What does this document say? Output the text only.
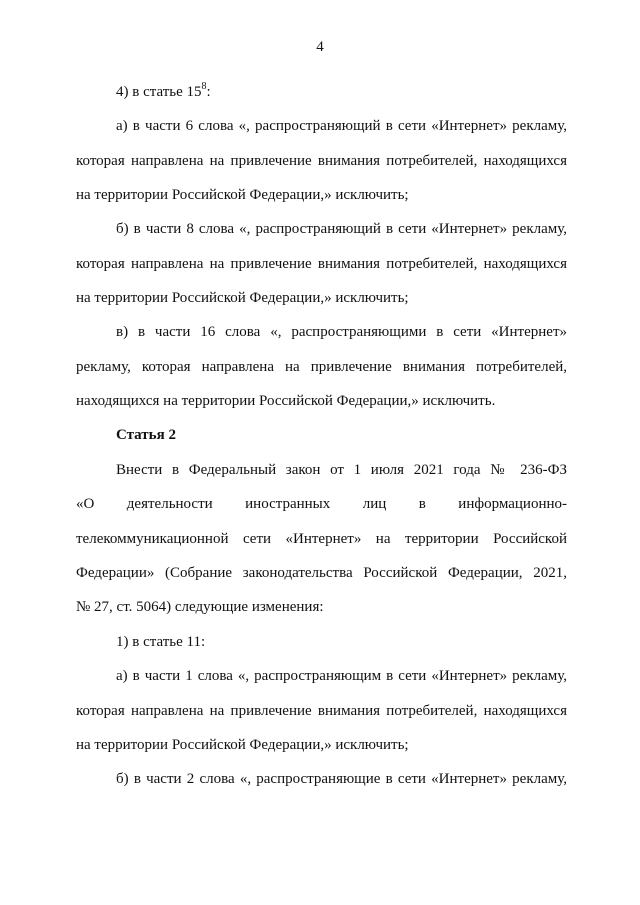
4
4) в статье $15^8$:
а) в части 6 слова «, распространяющий в сети «Интернет» рекламу,
которая направлена на привлечение внимания потребителей, находящихся
на территории Российской Федерации,» исключить;
б) в части 8 слова «, распространяющий в сети «Интернет» рекламу,
которая направлена на привлечение внимания потребителей, находящихся
на территории Российской Федерации,» исключить;
в) в части 16 слова «, распространяющими в сети «Интернет»
рекламу, которая направлена на привлечение внимания потребителей,
находящихся на территории Российской Федерации,» исключить.
Статья 2
Внести в Федеральный закон от 1 июля 2021 года № 236-ФЗ
«О деятельности иностранных лиц в информационно-
телекоммуникационной сети «Интернет» на территории Российской
Федерации» (Собрание законодательства Российской Федерации, 2021,
№ 27, ст. 5064) следующие изменения:
1) в статье 11:
а) в части 1 слова «, распространяющим в сети «Интернет» рекламу,
которая направлена на привлечение внимания потребителей, находящихся
на территории Российской Федерации,» исключить;
б) в части 2 слова «, распространяющие в сети «Интернет» рекламу,
